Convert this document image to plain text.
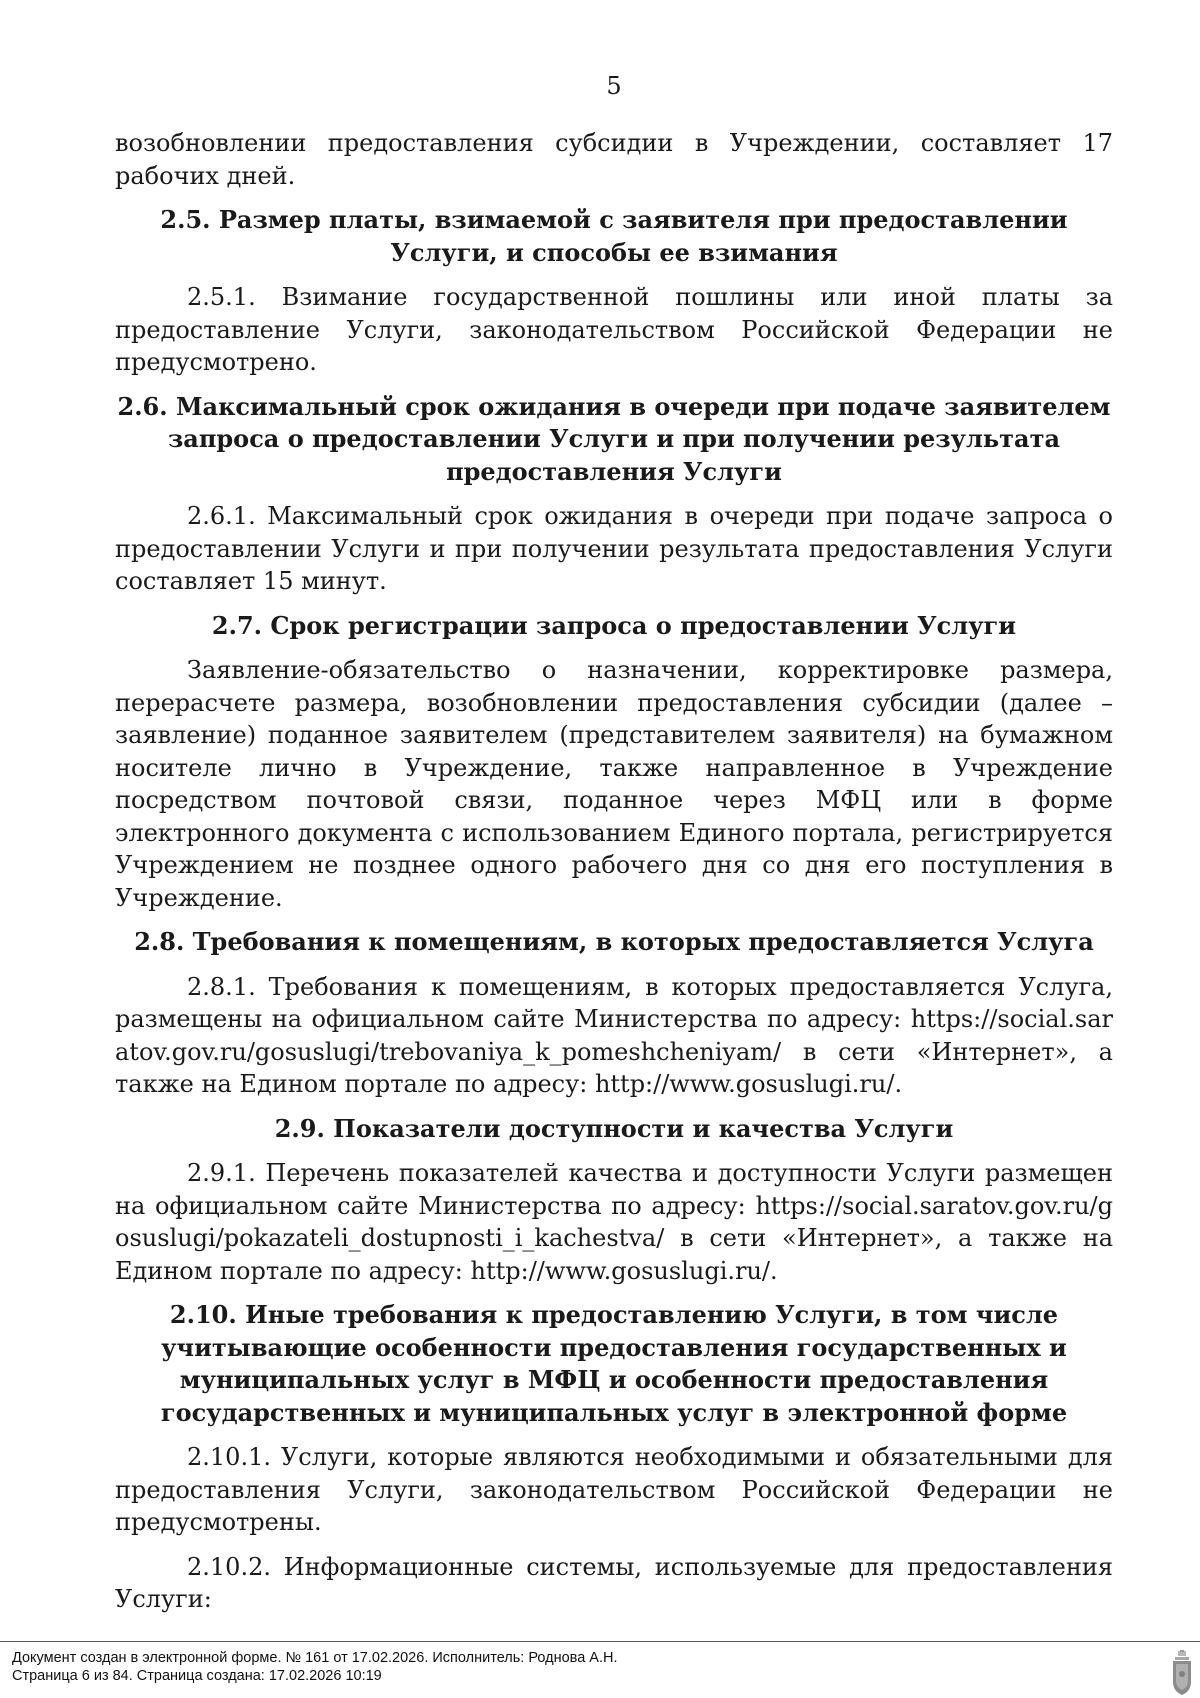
5

возобновлении предоставления субсидии в Учреждении, составляет 17 рабочих дней.

2.5. Размер платы, взимаемой с заявителя при предоставлении Услуги, и способы ее взимания

2.5.1. Взимание государственной пошлины или иной платы за предоставление Услуги, законодательством Российской Федерации не предусмотрено.

2.6. Максимальный срок ожидания в очереди при подаче заявителем запроса о предоставлении Услуги и при получении результата предоставления Услуги

2.6.1. Максимальный срок ожидания в очереди при подаче запроса о предоставлении Услуги и при получении результата предоставления Услуги составляет 15 минут.

2.7. Срок регистрации запроса о предоставлении Услуги

Заявление-обязательство о назначении, корректировке размера, перерасчете размера, возобновлении предоставления субсидии (далее – заявление) поданное заявителем (представителем заявителя) на бумажном носителе лично в Учреждение, также направленное в Учреждение посредством почтовой связи, поданное через МФЦ или в форме электронного документа с использованием Единого портала, регистрируется Учреждением не позднее одного рабочего дня со дня его поступления в Учреждение.

2.8. Требования к помещениям, в которых предоставляется Услуга

2.8.1. Требования к помещениям, в которых предоставляется Услуга, размещены на официальном сайте Министерства по адресу: https://social.saratov.gov.ru/gosuslugi/trebovaniya_k_pomeshcheniyam/ в сети «Интернет», а также на Едином портале по адресу: http://www.gosuslugi.ru/.

2.9. Показатели доступности и качества Услуги

2.9.1. Перечень показателей качества и доступности Услуги размещен на официальном сайте Министерства по адресу: https://social.saratov.gov.ru/gosuslugi/pokazateli_dostupnosti_i_kachestva/ в сети «Интернет», а также на Едином портале по адресу: http://www.gosuslugi.ru/.

2.10. Иные требования к предоставлению Услуги, в том числе учитывающие особенности предоставления государственных и муниципальных услуг в МФЦ и особенности предоставления государственных и муниципальных услуг в электронной форме

2.10.1. Услуги, которые являются необходимыми и обязательными для предоставления Услуги, законодательством Российской Федерации не предусмотрены.

2.10.2. Информационные системы, используемые для предоставления Услуги:

Документ создан в электронной форме. № 161 от 17.02.2026. Исполнитель: Роднова А.Н.
Страница 6 из 84. Страница создана: 17.02.2026 10:19
